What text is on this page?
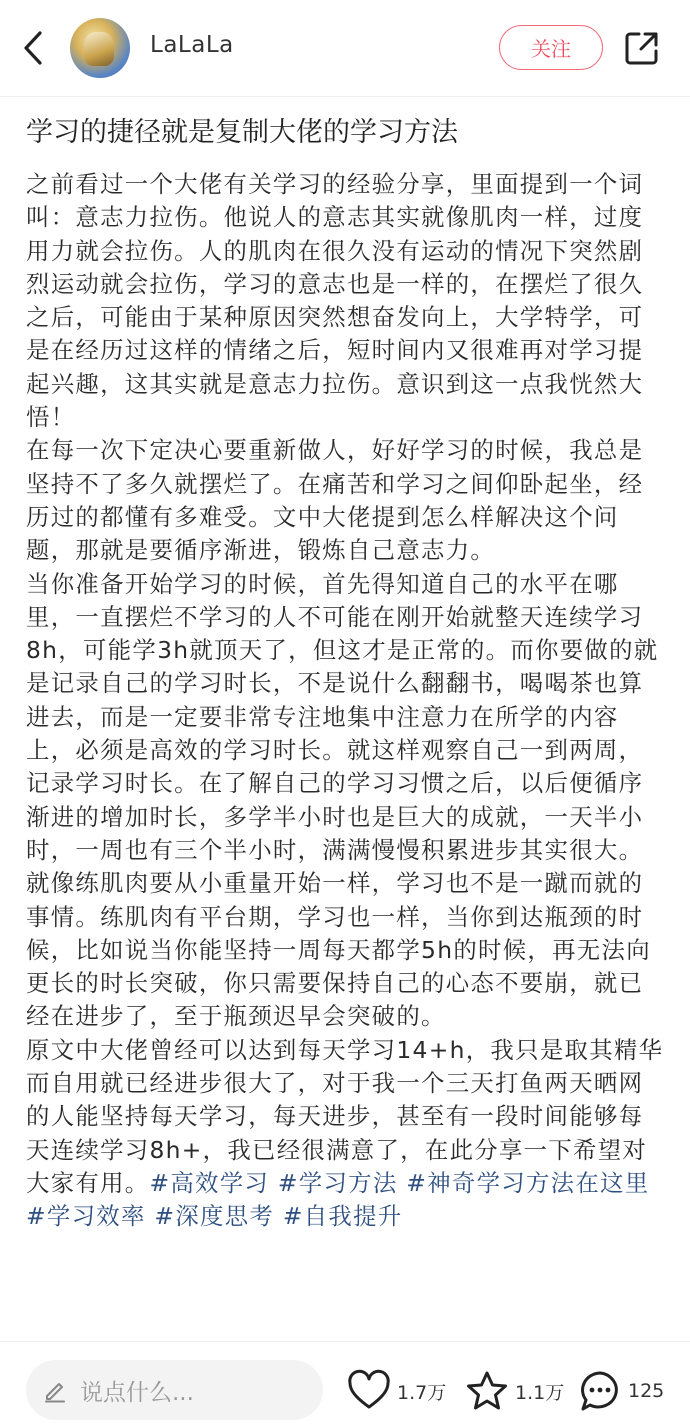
LaLaLa	关注
学习的捷径就是复制大佬的学习方法

之前看过一个大佬有关学习的经验分享，里面提到一个词叫：意志力拉伤。他说人的意志其实就像肌肉一样，过度用力就会拉伤。人的肌肉在很久没有运动的情况下突然剧烈运动就会拉伤，学习的意志也是一样的，在摆烂了很久之后，可能由于某种原因突然想奋发向上，大学特学，可是在经历过这样的情绪之后，短时间内又很难再对学习提起兴趣，这其实就是意志力拉伤。意识到这一点我恍然大悟！

在每一次下定决心要重新做人，好好学习的时候，我总是坚持不了多久就摆烂了。在痛苦和学习之间仰卧起坐，经历过的都懂有多难受。文中大佬提到怎么样解决这个问题，那就是要循序渐进，锻炼自己意志力。

当你准备开始学习的时候，首先得知道自己的水平在哪里，一直摆烂不学习的人不可能在刚开始就整天连续学习8h，可能学3h就顶天了，但这才是正常的。而你要做的就是记录自己的学习时长，不是说什么翻翻书，喝喝茶也算进去，而是一定要非常专注地集中注意力在所学的内容上，必须是高效的学习时长。就这样观察自己一到两周，记录学习时长。在了解自己的学习习惯之后，以后便循序渐进的增加时长，多学半小时也是巨大的成就，一天半小时，一周也有三个半小时，满满慢慢积累进步其实很大。就像练肌肉要从小重量开始一样，学习也不是一蹴而就的事情。练肌肉有平台期，学习也一样，当你到达瓶颈的时候，比如说当你能坚持一周每天都学5h的时候，再无法向更长的时长突破，你只需要保持自己的心态不要崩，就已经在进步了，至于瓶颈迟早会突破的。

原文中大佬曾经可以达到每天学习14+h，我只是取其精华而自用就已经进步很大了，对于我一个三天打鱼两天晒网的人能坚持每天学习，每天进步，甚至有一段时间能够每天连续学习8h+，我已经很满意了，在此分享一下希望对大家有用。#高效学习 #学习方法 #神奇学习方法在这里 #学习效率 #深度思考 #自我提升

说点什么...	1.7万	1.1万	125
